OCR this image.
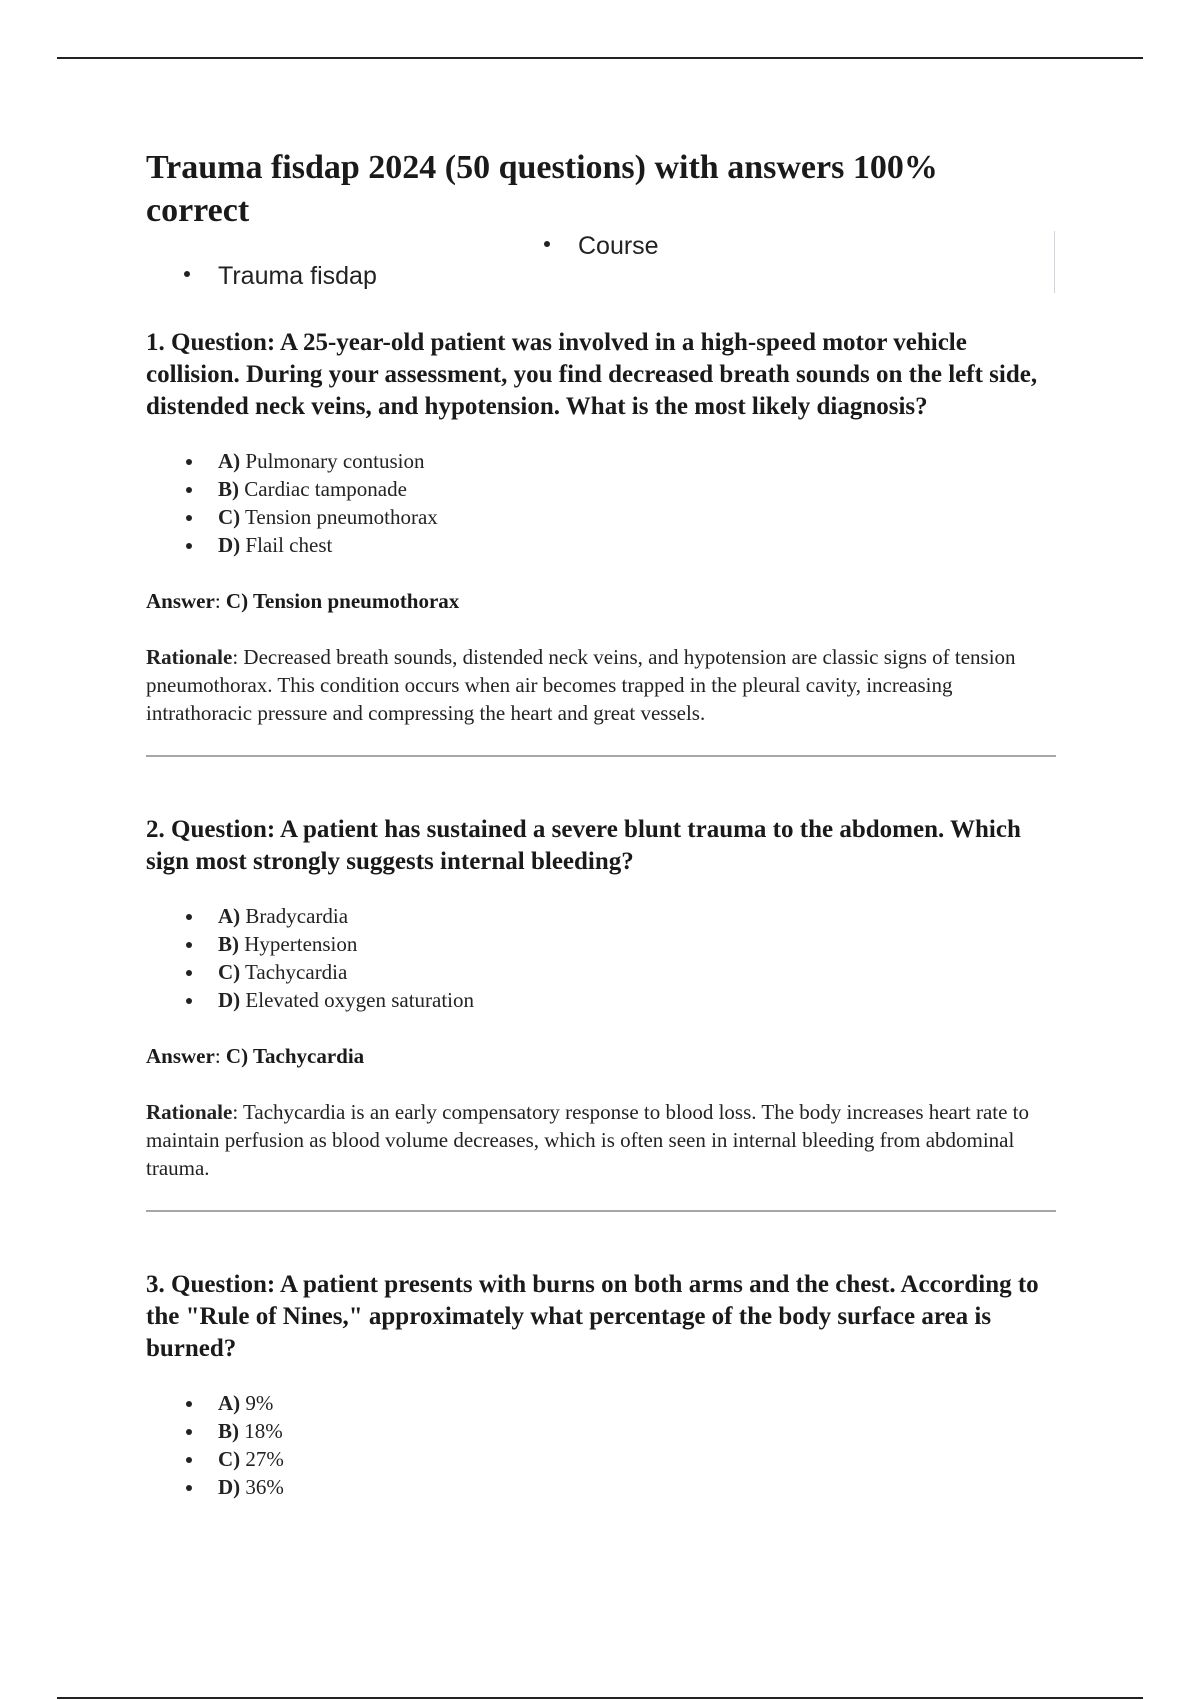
Trauma fisdap 2024 (50 questions) with answers 100% correct
Course
Trauma fisdap

1. Question: A 25-year-old patient was involved in a high-speed motor vehicle collision. During your assessment, you find decreased breath sounds on the left side, distended neck veins, and hypotension. What is the most likely diagnosis?

A) Pulmonary contusion
B) Cardiac tamponade
C) Tension pneumothorax
D) Flail chest

Answer: C) Tension pneumothorax

Rationale: Decreased breath sounds, distended neck veins, and hypotension are classic signs of tension pneumothorax. This condition occurs when air becomes trapped in the pleural cavity, increasing intrathoracic pressure and compressing the heart and great vessels.

2. Question: A patient has sustained a severe blunt trauma to the abdomen. Which sign most strongly suggests internal bleeding?

A) Bradycardia
B) Hypertension
C) Tachycardia
D) Elevated oxygen saturation

Answer: C) Tachycardia

Rationale: Tachycardia is an early compensatory response to blood loss. The body increases heart rate to maintain perfusion as blood volume decreases, which is often seen in internal bleeding from abdominal trauma.

3. Question: A patient presents with burns on both arms and the chest. According to the "Rule of Nines," approximately what percentage of the body surface area is burned?

A) 9%
B) 18%
C) 27%
D) 36%
